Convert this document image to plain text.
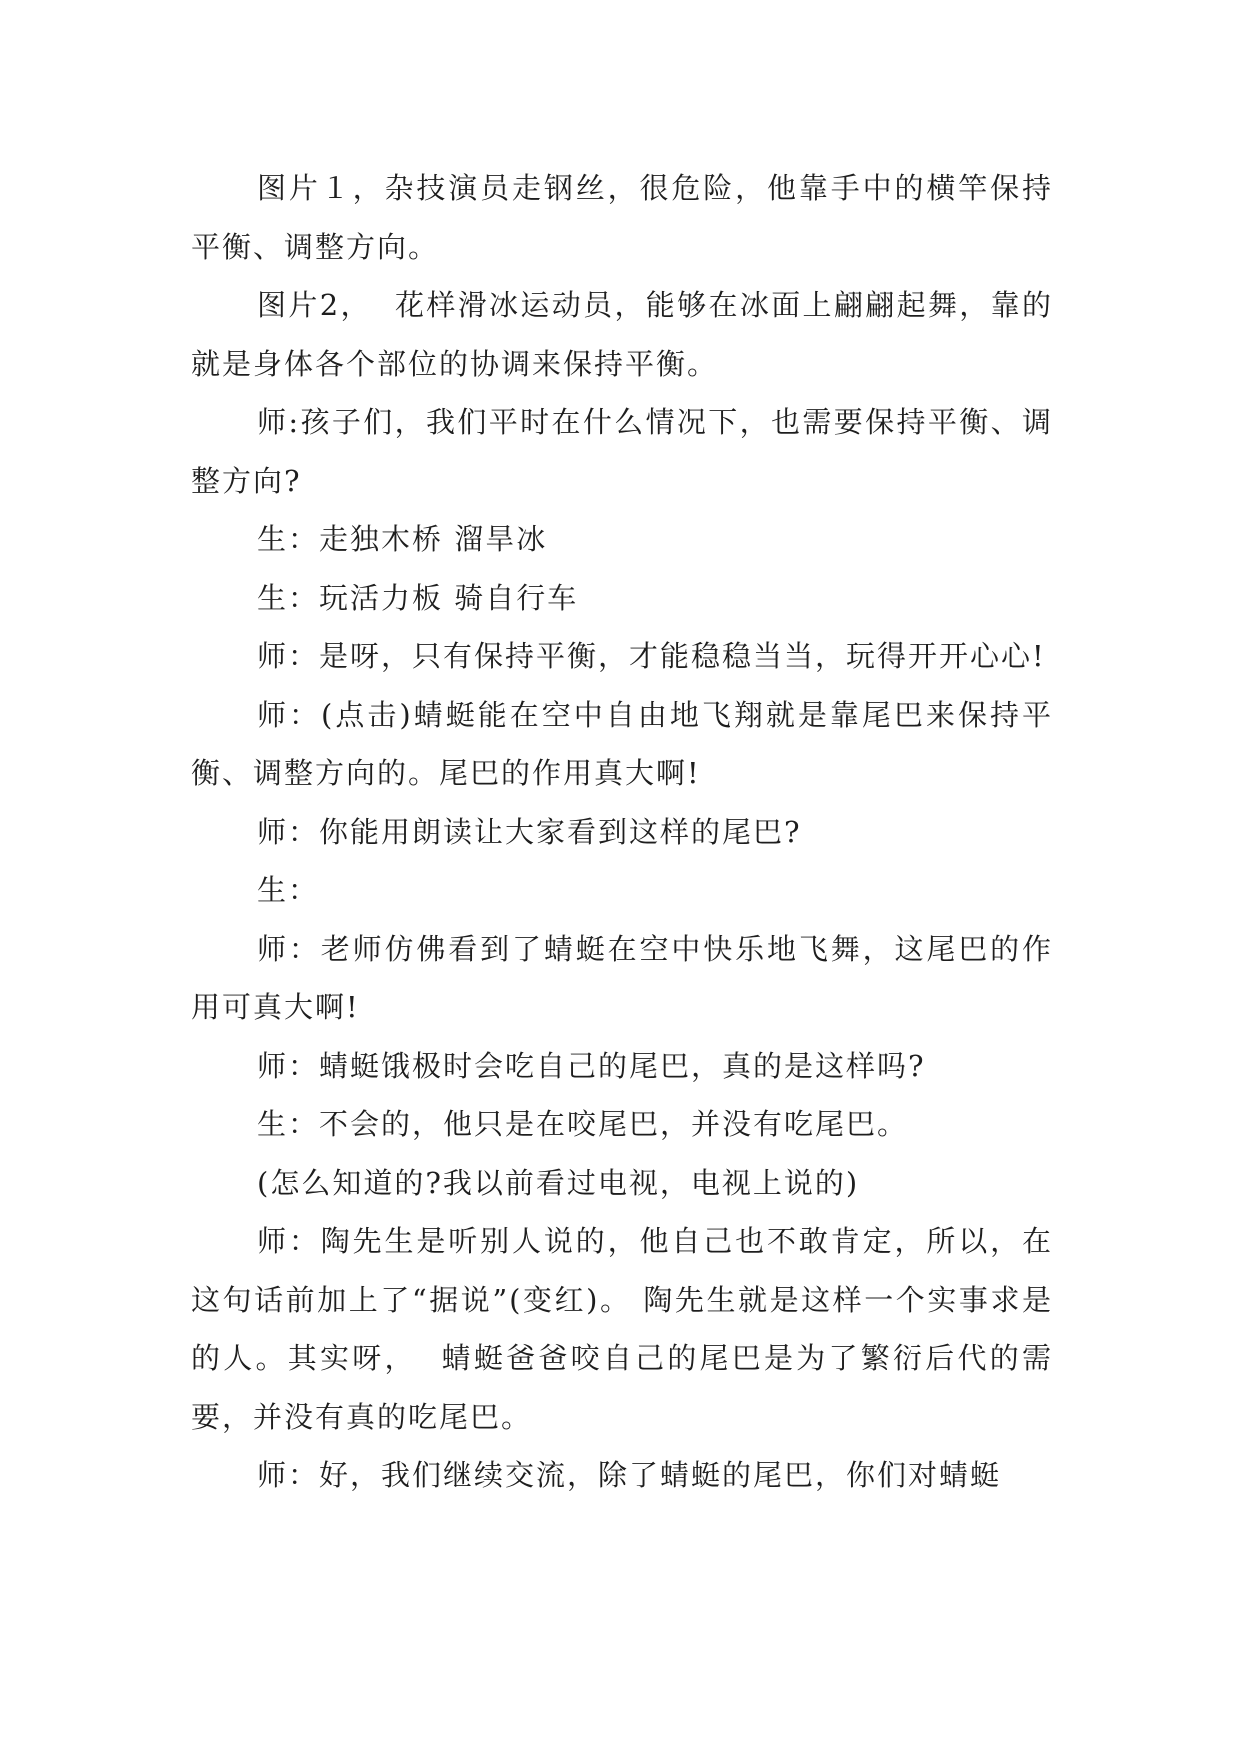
图片１，杂技演员走钢丝，很危险，他靠手中的横竿保持平衡、调整方向。

图片2，  花样滑冰运动员，能够在冰面上翩翩起舞，靠的就是身体各个部位的协调来保持平衡。

师:孩子们，我们平时在什么情况下，也需要保持平衡、调整方向?

生：走独木桥 溜旱冰

生：玩活力板 骑自行车

师：是呀，只有保持平衡，才能稳稳当当，玩得开开心心!

师：(点击)蜻蜓能在空中自由地飞翔就是靠尾巴来保持平衡、调整方向的。尾巴的作用真大啊!

师：你能用朗读让大家看到这样的尾巴?

生：

师：老师仿佛看到了蜻蜓在空中快乐地飞舞，这尾巴的作用可真大啊!

师：蜻蜓饿极时会吃自己的尾巴，真的是这样吗?

生：不会的，他只是在咬尾巴，并没有吃尾巴。

(怎么知道的?我以前看过电视，电视上说的)

师：陶先生是听别人说的，他自己也不敢肯定，所以，在这句话前加上了“据说”(变红)。 陶先生就是这样一个实事求是的人。其实呀，  蜻蜓爸爸咬自己的尾巴是为了繁衍后代的需要，并没有真的吃尾巴。

师：好，我们继续交流，除了蜻蜓的尾巴，你们对蜻蜓
